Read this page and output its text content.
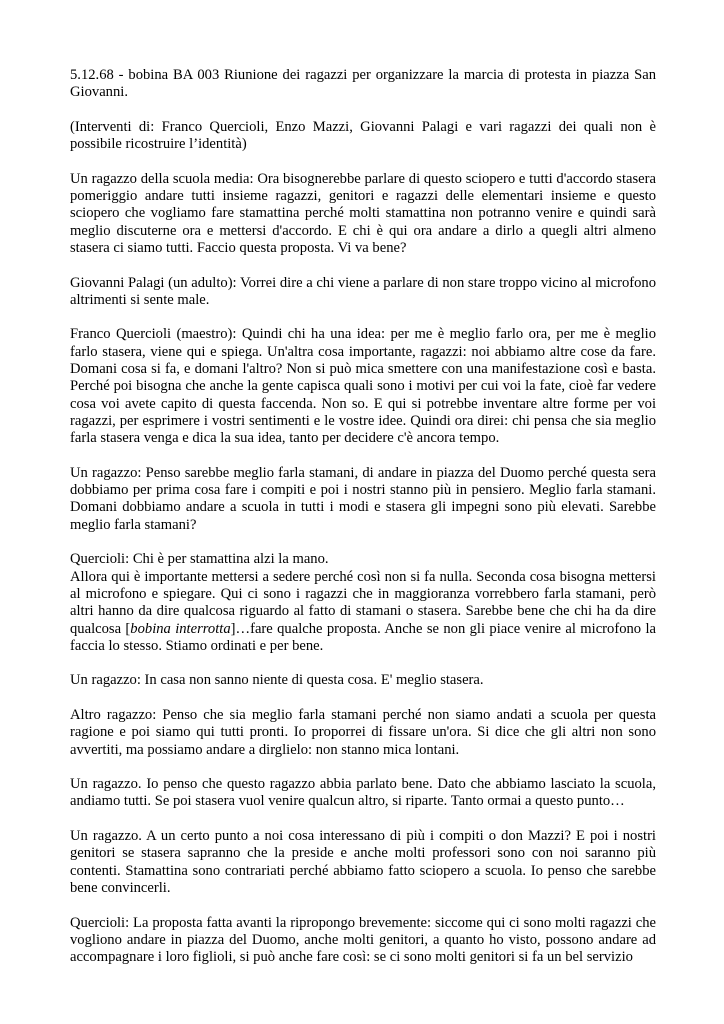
5.12.68 - bobina BA 003 Riunione dei ragazzi per organizzare la marcia di protesta in piazza San Giovanni.

(Interventi di: Franco Quercioli, Enzo Mazzi, Giovanni Palagi e vari ragazzi dei quali non è possibile ricostruire l’identità)

Un ragazzo della scuola media: Ora bisognerebbe parlare di questo sciopero e tutti d'accordo stasera pomeriggio andare tutti insieme ragazzi, genitori e ragazzi delle elementari insieme e questo sciopero che vogliamo fare stamattina perché molti stamattina non potranno venire e quindi sarà meglio discuterne ora e mettersi d'accordo. E chi è qui ora andare a dirlo a quegli altri almeno stasera ci siamo tutti. Faccio questa proposta. Vi va bene?

Giovanni Palagi (un adulto): Vorrei dire a chi viene a parlare di non stare troppo vicino al microfono altrimenti si sente male.

Franco Quercioli (maestro): Quindi chi ha una idea: per me è meglio farlo ora, per me è meglio farlo stasera, viene qui e spiega. Un'altra cosa importante, ragazzi: noi abbiamo altre cose da fare. Domani cosa si fa, e domani l'altro? Non si può mica smettere con una manifestazione così e basta. Perché poi bisogna che anche la gente capisca quali sono i motivi per cui voi la fate, cioè far vedere cosa voi avete capito di questa faccenda. Non so. E qui si potrebbe inventare altre forme per voi ragazzi, per esprimere i vostri sentimenti e le vostre idee. Quindi ora direi: chi pensa che sia meglio farla stasera venga e dica la sua idea, tanto per decidere c'è ancora tempo.

Un ragazzo: Penso sarebbe meglio farla stamani, di andare in piazza del Duomo perché questa sera dobbiamo per prima cosa fare i compiti e poi i nostri stanno più in pensiero. Meglio farla stamani. Domani dobbiamo andare a scuola in tutti i modi e stasera gli impegni sono più elevati. Sarebbe meglio farla stamani?

Quercioli: Chi è per stamattina alzi la mano.
Allora qui è importante mettersi a sedere perché così non si fa nulla. Seconda cosa bisogna mettersi al microfono e spiegare. Qui ci sono i ragazzi che in maggioranza vorrebbero farla stamani, però altri hanno da dire qualcosa riguardo al fatto di stamani o stasera. Sarebbe bene che chi ha da dire qualcosa [bobina interrotta]…fare qualche proposta. Anche se non gli piace venire al microfono la faccia lo stesso. Stiamo ordinati e per bene.

Un ragazzo: In casa non sanno niente di questa cosa. E' meglio stasera.

Altro ragazzo: Penso che sia meglio farla stamani perché non siamo andati a scuola per questa ragione e poi siamo qui tutti pronti. Io proporrei di fissare un'ora. Si dice che gli altri non sono avvertiti, ma possiamo andare a dirglielo: non stanno mica lontani.

Un ragazzo. Io penso che questo ragazzo abbia parlato bene. Dato che abbiamo lasciato la scuola, andiamo tutti. Se poi stasera vuol venire qualcun altro, si riparte. Tanto ormai a questo punto…

Un ragazzo. A un certo punto a noi cosa interessano di più i compiti o don Mazzi? E poi i nostri genitori se stasera sapranno che la preside e anche molti professori sono con noi saranno più contenti. Stamattina sono contrariati perché abbiamo fatto sciopero a scuola. Io penso che sarebbe bene convincerli.

Quercioli: La proposta fatta avanti la ripropongo brevemente: siccome qui ci sono molti ragazzi che vogliono andare in piazza del Duomo, anche molti genitori, a quanto ho visto, possono andare ad accompagnare i loro figlioli, si può anche fare così: se ci sono molti genitori si fa un bel servizio
